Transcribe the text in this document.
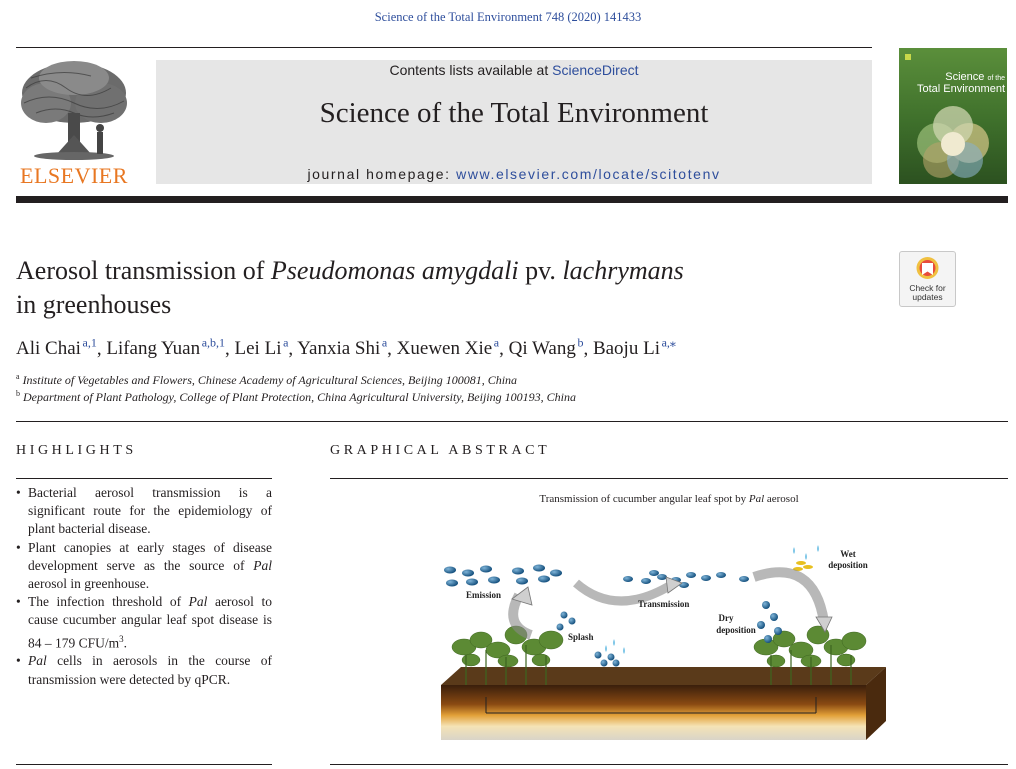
Science of the Total Environment 748 (2020) 141433
ELSEVIER
Contents lists available at ScienceDirect
Science of the Total Environment
journal homepage: www.elsevier.com/locate/scitotenv
Science of the
Total Environment
Aerosol transmission of Pseudomonas amygdali pv. lachrymans
in greenhouses
Check for
updates
Ali Chai  $^{a,1}$, Lifang Yuan  $^{a,b,1}$, Lei Li  $^a$, Yanxia Shi  $^a$, Xuewen Xie  $^a$, Qi Wang  $^b$, Baoju Li  $^{a,⁎}$
$^a$ Institute of Vegetables and Flowers, Chinese Academy of Agricultural Sciences, Beijing 100081, China
$^b$ Department of Plant Pathology, College of Plant Protection, China Agricultural University, Beijing 100193, China
HIGHLIGHTS
• Bacterial aerosol transmission is a significant route for the epidemiology of plant bacterial disease.
• Plant canopies at early stages of disease development serve as the source of Pal aerosol in greenhouse.
• The infection threshold of Pal aerosol to cause cucumber angular leaf spot disease is 84 – 179 CFU/$m^3$.
• Pal cells in aerosols in the course of transmission were detected by qPCR.
GRAPHICAL ABSTRACT
Transmission of cucumber angular leaf spot by Pal aerosol
Emission
Transmission
Splash
Dry
deposition
Wet
deposition
